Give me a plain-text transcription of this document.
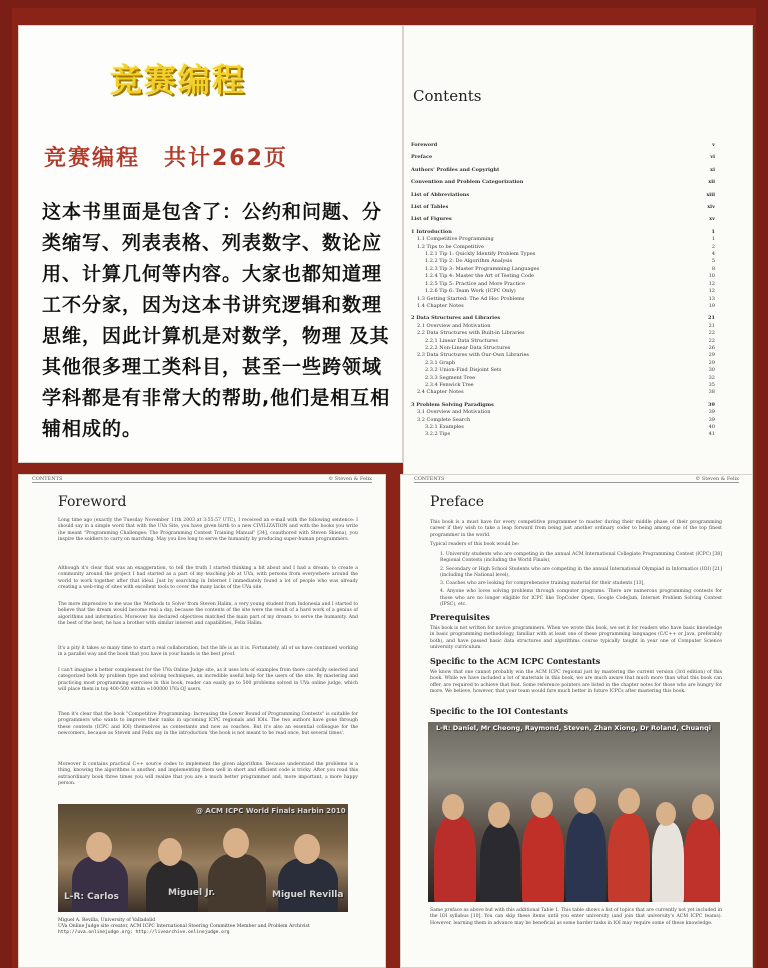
竞赛编程
竞赛编程　共计262页
这本书里面是包含了：公约和问题、分类缩写、列表表格、列表数字、数论应用、计算几何等内容。大家也都知道理工不分家，因为这本书讲究逻辑和数理思维，因此计算机是对数学，物理 及其其他很多理工类科目，甚至一些跨领域学科都是有非常大的帮助,他们是相互相辅相成的。
Contents
Foreword	v
Preface	vi
Authors' Profiles and Copyright	xi
Convention and Problem Categorization	xii
List of Abbreviations	xiii
List of Tables	xiv
List of Figures	xv
1 Introduction	1
1.1 Competitive Programming	1
1.2 Tips to be Competitive	2
1.2.1 Tip 1: Quickly Identify Problem Types	4
1.2.2 Tip 2: Do Algorithm Analysis	5
1.2.3 Tip 3: Master Programming Languages	8
1.2.4 Tip 4: Master the Art of Testing Code	10
1.2.5 Tip 5: Practice and More Practice	12
1.2.6 Tip 6: Team Work (ICPC Only)	12
1.3 Getting Started: The Ad Hoc Problems	13
1.4 Chapter Notes	19
2 Data Structures and Libraries	21
2.1 Overview and Motivation	21
2.2 Data Structures with Built-in Libraries	22
2.2.1 Linear Data Structures	22
2.2.2 Non-Linear Data Structures	26
2.3 Data Structures with Our-Own Libraries	29
2.3.1 Graph	29
2.3.2 Union-Find Disjoint Sets	30
2.3.3 Segment Tree	32
2.3.4 Fenwick Tree	35
2.4 Chapter Notes	38
3 Problem Solving Paradigms	39
3.1 Overview and Motivation	39
3.2 Complete Search	39
3.2.1 Examples	40
3.2.2 Tips	41
CONTENTS	© Steven & Felix
Foreword
Long time ago (exactly the Tuesday November 11th 2003 at 3:55:57 UTC), I received an e-mail with the following sentence: I should say in a simple word that with the UVa Site, you have given birth to a new CIVILIZATION and with the books you write (he meant "Programming Challenges: The Programming Contest Training Manual" [34], coauthored with Steven Skiena), you inspire the soldiers to carry on marching. May you live long to serve the humanity by producing super-human programmers.
Although it's clear that was an exaggeration, to tell the truth I started thinking a bit about and I had a dream: to create a community around the project I had started as a part of my teaching job at UVa, with persons from everywhere around the world to work together after that ideal. Just by searching in Internet I immediately found a lot of people who was already creating a web-ring of sites with excellent tools to cover the many lacks of the UVa site.
The more impressive to me was the 'Methods to Solve' from Steven Halim, a very young student from Indonesia and I started to believe that the dream would become real a day, because the contents of the site were the result of a hard work of a genius of algorithms and informatics. Moreover his declared objectives matched the main part of my dream: to serve the humanity. And the best of the best, he has a brother with similar interest and capabilities, Felix Halim.
It's a pity it takes so many time to start a real collaboration, but the life is as it is. Fortunately, all of us have continued working in a parallel way and the book that you have in your hands is the best proof.
I can't imagine a better complement for the UVa Online Judge site, as it uses lots of examples from there carefully selected and categorized both by problem type and solving techniques, an incredible useful help for the users of the site. By mastering and practicing most programming exercises in this book, reader can easily go to 500 problems solved in UVa online judge, which will place them in top 400-500 within ≈100000 UVa OJ users.
Then it's clear that the book "Competitive Programming: Increasing the Lower Bound of Programming Contests" is suitable for programmers who wants to improve their ranks in upcoming ICPC regionals and IOIs. The two authors have gone through these contests (ICPC and IOI) themselves as contestants and now as coaches. But it's also an essential colleague for the newcomers, because as Steven and Felix say in the introduction 'the book is not meant to be read once, but several times'.
Moreover it contains practical C++ source codes to implement the given algorithms. Because understand the problems is a thing, knowing the algorithms is another, and implementing them well in short and efficient code is tricky. After you read this extraordinary book three times you will realize that you are a much better programmer and, more important, a more happy person.
@ ACM ICPC World Finals Harbin 2010
L-R: Carlos	Miguel Jr.	Miguel Revilla
Miguel A. Revilla, University of Valladolid
UVa Online Judge site creator, ACM ICPC International Steering Committee Member and Problem Archivist
http://uva.onlinejudge.org; http://livearchive.onlinejudge.org
CONTENTS	© Steven & Felix
Preface
This book is a must have for every competitive programmer to master during their middle phase of their programming career if they wish to take a leap forward from being just another ordinary coder to being among one of the top finest programmer in the world.
Typical readers of this book would be:
1. University students who are competing in the annual ACM International Collegiate Programming Contest (ICPC) [38] Regional Contests (including the World Finals),
2. Secondary or High School Students who are competing in the annual International Olympiad in Informatics (IOI) [21] (including the National level),
3. Coaches who are looking for comprehensive training material for their students [13],
4. Anyone who loves solving problems through computer programs. There are numerous programming contests for those who are no longer eligible for ICPC like TopCoder Open, Google CodeJam, Internet Problem Solving Contest (IPSC), etc.
Prerequisites
This book is not written for novice programmers. When we wrote this book, we set it for readers who have basic knowledge in basic programming methodology, familiar with at least one of these programming languages (C/C++ or Java, preferably both), and have passed basic data structures and algorithms course typically taught in year one of Computer Science university curriculum.
Specific to the ACM ICPC Contestants
We know that one cannot probably win the ACM ICPC regional just by mastering the current version (3rd edition) of this book. While we have included a lot of materials in this book, we are much aware that much more than what this book can offer, are required to achieve that feat. Some reference pointers are listed in the chapter notes for those who are hungry for more. We believe, however, that your team would fare much better in future ICPCs after mastering this book.
Specific to the IOI Contestants
L-R: Daniel, Mr Cheong, Raymond, Steven, Zhan Xiong, Dr Roland, Chuanqi
Same preface as above but with this additional Table 1. This table shows a list of topics that are currently not yet included in the IOI syllabus [10]. You can skip these items until you enter university (and join that university's ACM ICPC teams). However, learning them in advance may be beneficial as some harder tasks in IOI may require some of these knowledge.
